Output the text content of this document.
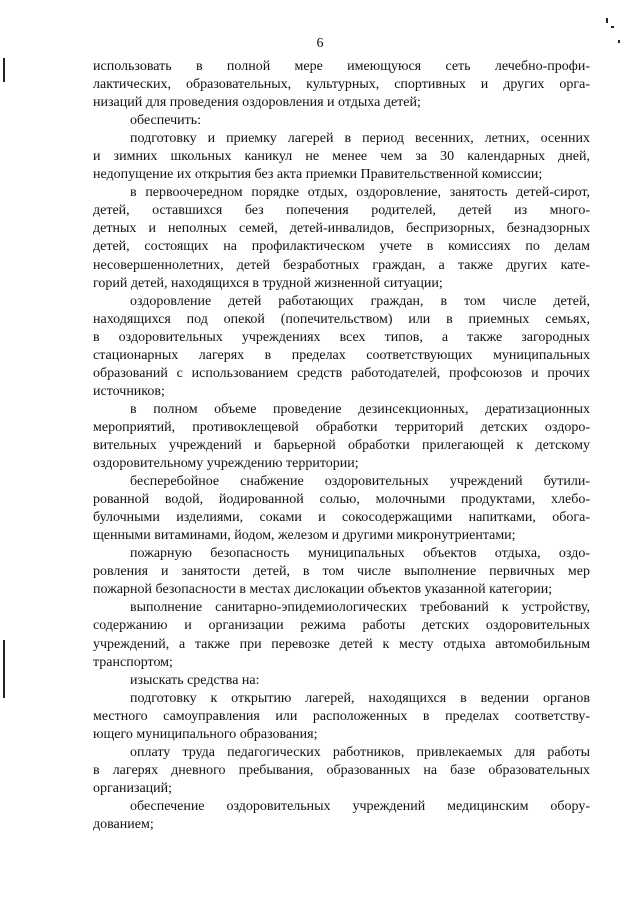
6
использовать в полной мере имеющуюся сеть лечебно-профи-
лактических, образовательных, культурных, спортивных и других орга-
низаций для проведения оздоровления и отдыха детей;
обеспечить:
подготовку и приемку лагерей в период весенних, летних, осенних
и зимних школьных каникул не менее чем за 30 календарных дней,
недопущение их открытия без акта приемки Правительственной комиссии;
в первоочередном порядке отдых, оздоровление, занятость детей-сирот,
детей, оставшихся без попечения родителей, детей из много-
детных и неполных семей, детей-инвалидов, беспризорных, безнадзорных
детей, состоящих на профилактическом учете в комиссиях по делам
несовершеннолетних, детей безработных граждан, а также других кате-
горий детей, находящихся в трудной жизненной ситуации;
оздоровление детей работающих граждан, в том числе детей,
находящихся под опекой (попечительством) или в приемных семьях,
в оздоровительных учреждениях всех типов, а также загородных
стационарных лагерях в пределах соответствующих муниципальных
образований с использованием средств работодателей, профсоюзов и прочих
источников;
в полном объеме проведение дезинсекционных, дератизационных
мероприятий, противоклещевой обработки территорий детских оздоро-
вительных учреждений и барьерной обработки прилегающей к детскому
оздоровительному учреждению территории;
бесперебойное снабжение оздоровительных учреждений бутили-
рованной водой, йодированной солью, молочными продуктами, хлебо-
булочными изделиями, соками и сокосодержащими напитками, обога-
щенными витаминами, йодом, железом и другими микронутриентами;
пожарную безопасность муниципальных объектов отдыха, оздо-
ровления и занятости детей, в том числе выполнение первичных мер
пожарной безопасности в местах дислокации объектов указанной категории;
выполнение санитарно-эпидемиологических требований к устройству,
содержанию и организации режима работы детских оздоровительных
учреждений, а также при перевозке детей к месту отдыха автомобильным
транспортом;
изыскать средства на:
подготовку к открытию лагерей, находящихся в ведении органов
местного самоуправления или расположенных в пределах соответству-
ющего муниципального образования;
оплату труда педагогических работников, привлекаемых для работы
в лагерях дневного пребывания, образованных на базе образовательных
организаций;
обеспечение оздоровительных учреждений медицинским обору-
дованием;
